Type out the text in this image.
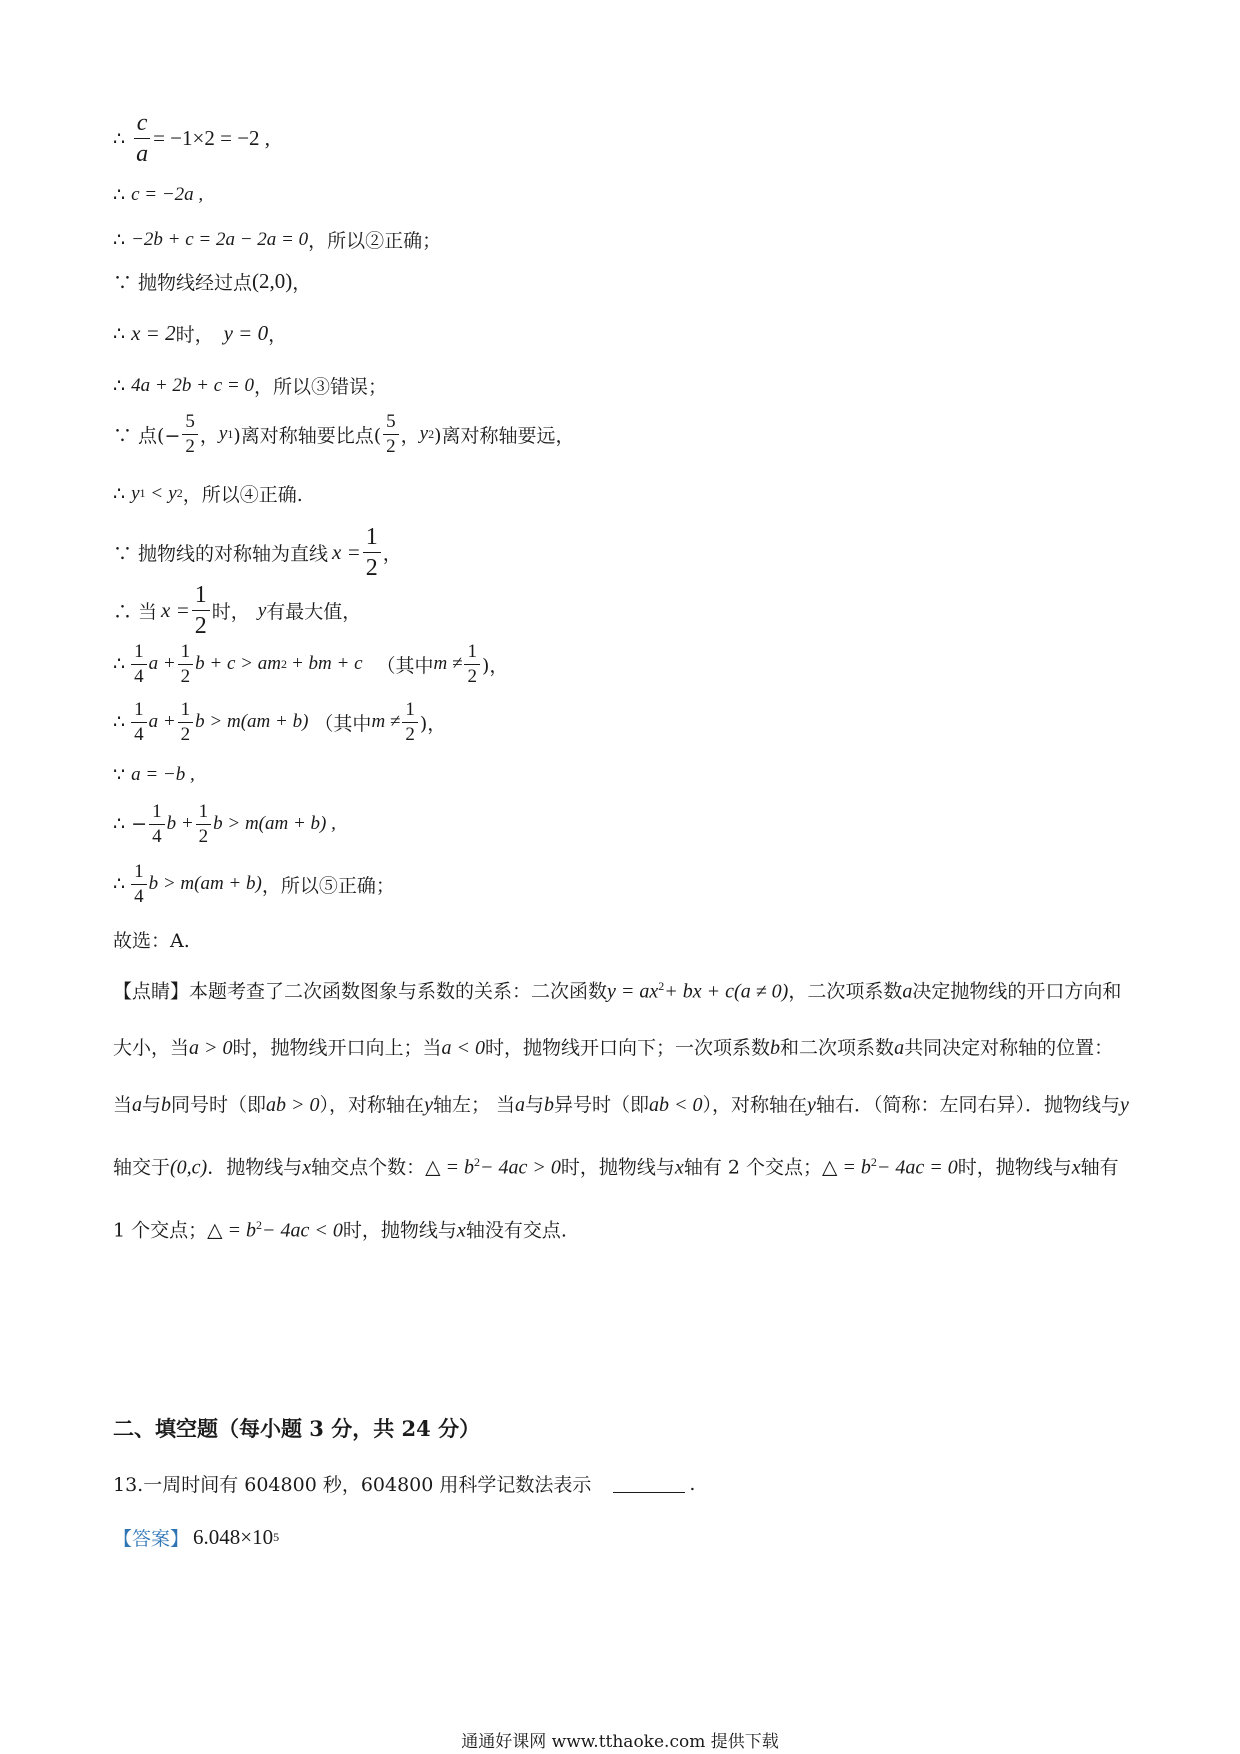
∴ $\frac{c}{a} = -1\times 2 = -2$ ,
∴ c = −2a ,
∴ −2b + c = 2a − 2a = 0 ，所以②正确；
∵ 抛物线经过点 (2,0) ，
∴ x = 2 时， y = 0 ，
∴ 4a + 2b + c = 0 ，所以③错误；
∵ 点(− $\frac{5}{2}$ ， y 1 )离对称轴要比点( $\frac{5}{2}$ ， y 2 )离对称轴要远，
∴ y 1 < y 2 ，所以④正确.
∵ 抛物线的对称轴为直线 $x = \frac{1}{2}$ ，
∴ 当 $x = \frac{1}{2}$ 时， y 有最大值，
∴ $\frac{1}{4}$ $a + \frac{1}{2}$ b + c > am 2 + bm + c （其中 $m \ne \frac{1}{2}$ )，
∴ $\frac{1}{4}$ $a + \frac{1}{2}$ b > m(am + b) （其中 $m \ne \frac{1}{2}$ )，
∵ a = −b ,
∴ − $\frac{1}{4}$ $b + \frac{1}{2}$ b > m(am + b) ,
∴ $\frac{1}{4}$ b > m(am + b) ，所以⑤正确；
故选：A.
【点睛】本题考查了二次函数图象与系数的关系：二次函数$y = ax^2+$ bx + c(a ≠ 0)，二次项系数a决定抛物线的开口方向和大小，当a > 0时，抛物线开口向上；当a < 0时，抛物线开口向下；一次项系数b和二次项系数a共同决定对称轴的位置：当a与b同号时（即ab > 0），对称轴在y轴左； 当a与b异号时（即ab < 0），对称轴在y轴右．（简称：左同右异）．抛物线与y轴交于(0,c)．抛物线与x轴交点个数：△ = $b^2- 4ac > 0$时，抛物线与x轴有 2 个交点；△ = $b^2- 4ac = 0$时，抛物线与x轴有 1 个交点；△ = $b^2- 4ac < 0$时，抛物线与x轴没有交点.
二、填空题（每小题 3 分，共 24 分）
13.一周时间有 604800 秒，604800 用科学记数法表示	.
【答案】 6.048×10 5
通通好课网 www.tthaoke.com 提供下载
